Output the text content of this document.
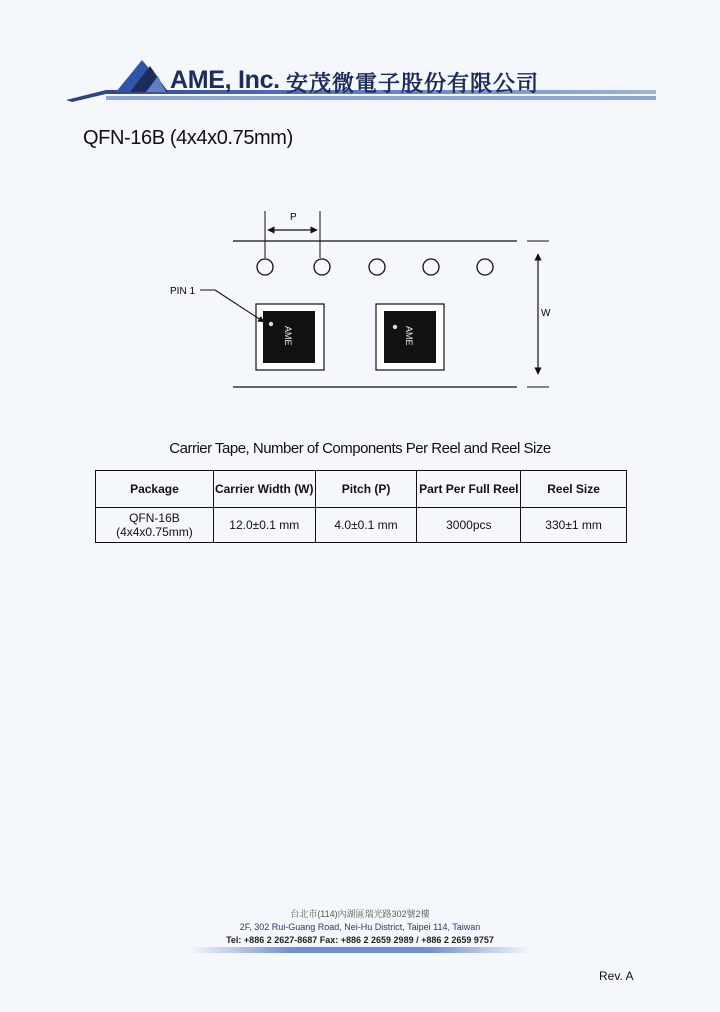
AME, Inc. 安茂微電子股份有限公司
QFN-16B (4x4x0.75mm)
W
P
AME	AME
PIN 1
Carrier Tape, Number of Components Per Reel and Reel Size
Package	Carrier Width (W)	Pitch (P)	Part Per Full Reel	Reel Size

QFN-16B
(4x4x0.75mm)	12.0±0.1 mm	4.0±0.1 mm	3000pcs	330±1 mm
台北市(114)內湖區瑞光路302號2樓
2F, 302 Rui-Guang Road, Nei-Hu District, Taipei 114, Taiwan
Tel: +886 2 2627-8687 Fax: +886 2 2659 2989 / +886 2 2659 9757
Rev. A
